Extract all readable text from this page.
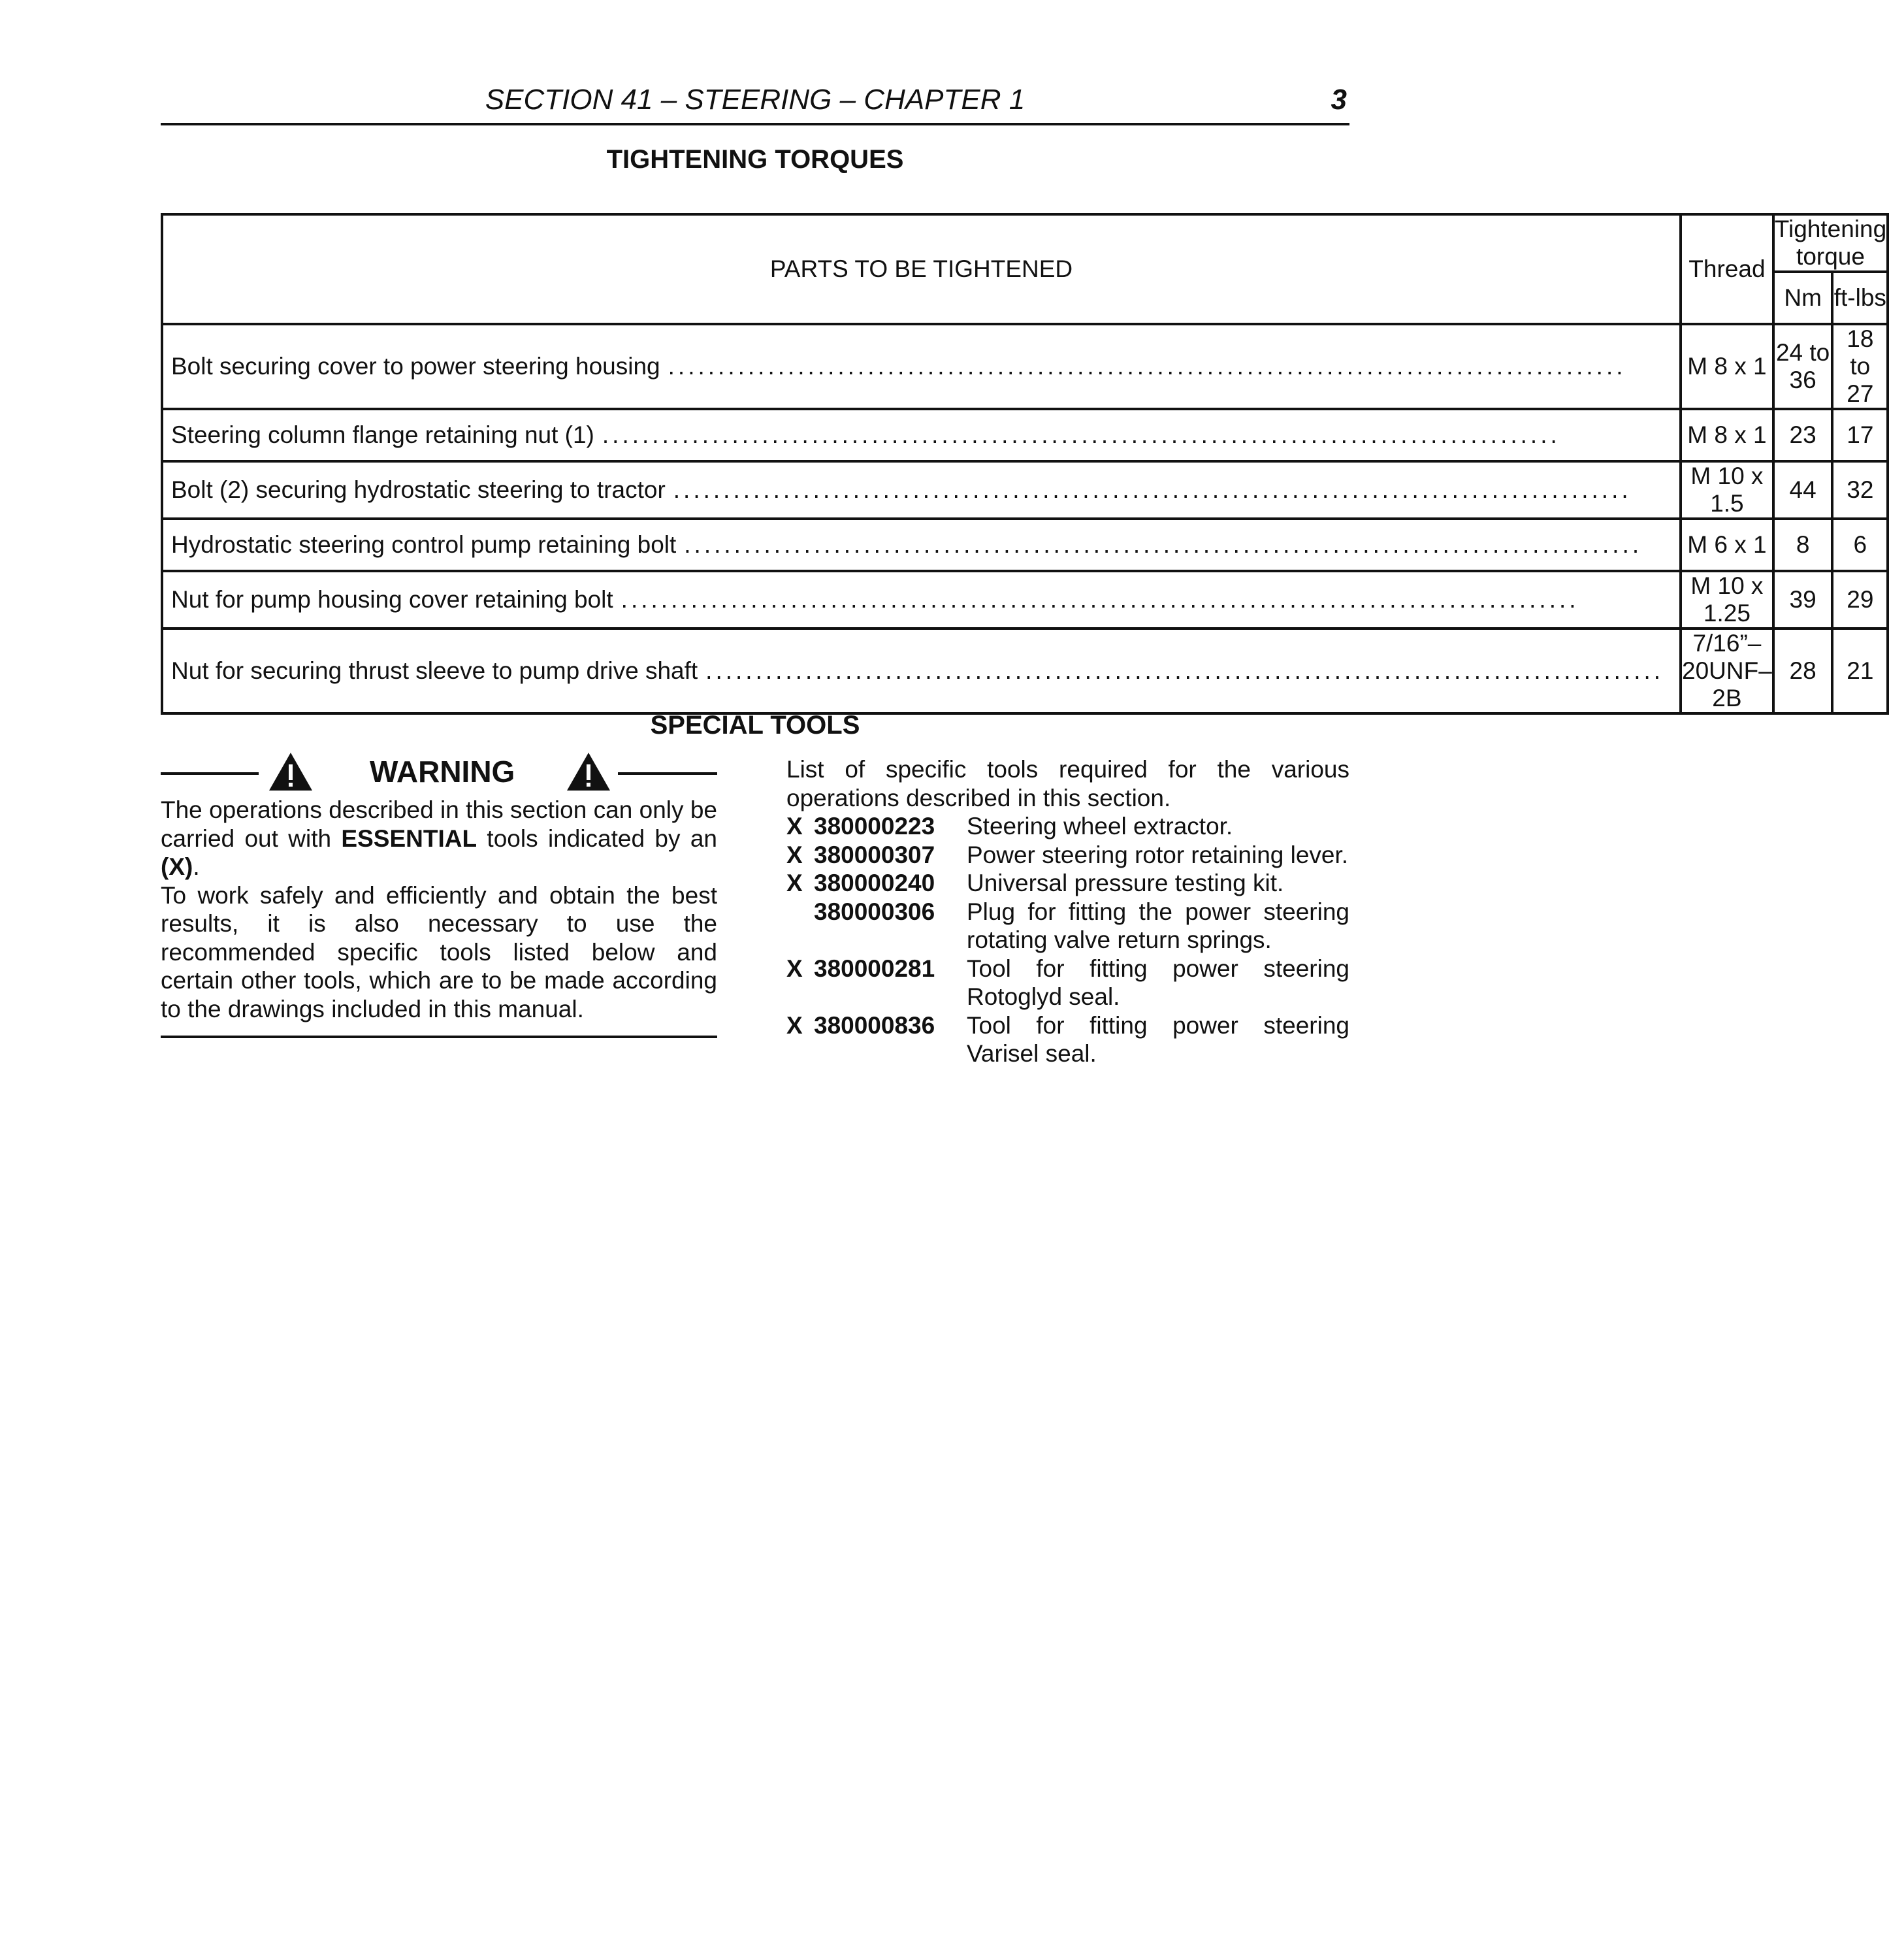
SECTION 41 – STEERING – CHAPTER 1	3
TIGHTENING TORQUES
PARTS TO BE TIGHTENED	Thread	Tightening torque	
		Nm	ft-lbs

Bolt securing cover to power steering housing
.....	M 8 x 1	24 to 36	18 to 27

Steering column flange retaining nut (1)
.....	M 8 x 1	23	17

Bolt (2) securing hydrostatic steering to tractor
.....	M 10 x 1.5	44	32

Hydrostatic steering control pump retaining bolt
.....	M 6 x 1	8	6

Nut for pump housing cover retaining bolt
.....	M 10 x 1.25	39	29

Nut for securing thrust sleeve to pump drive shaft
.....	7/16”–20UNF–2B	28	21
SPECIAL TOOLS
WARNING

The operations described in this section can only be carried out with ESSENTIAL tools indicated by an (X).

To work safely and efficiently and obtain the best results, it is also necessary to use the recommended specific tools listed below and certain other tools, which are to be made according to the drawings included in this manual.

List of specific tools required for the various operations described in this section.

X 380000223	Steering wheel extractor.
X 380000307	Power steering rotor retaining lever.
X 380000240	Universal pressure testing kit.
380000306	Plug for fitting the power steering rotating valve return springs.
X 380000281	Tool for fitting power steering Rotoglyd seal.
X 380000836	Tool for fitting power steering Varisel seal.
